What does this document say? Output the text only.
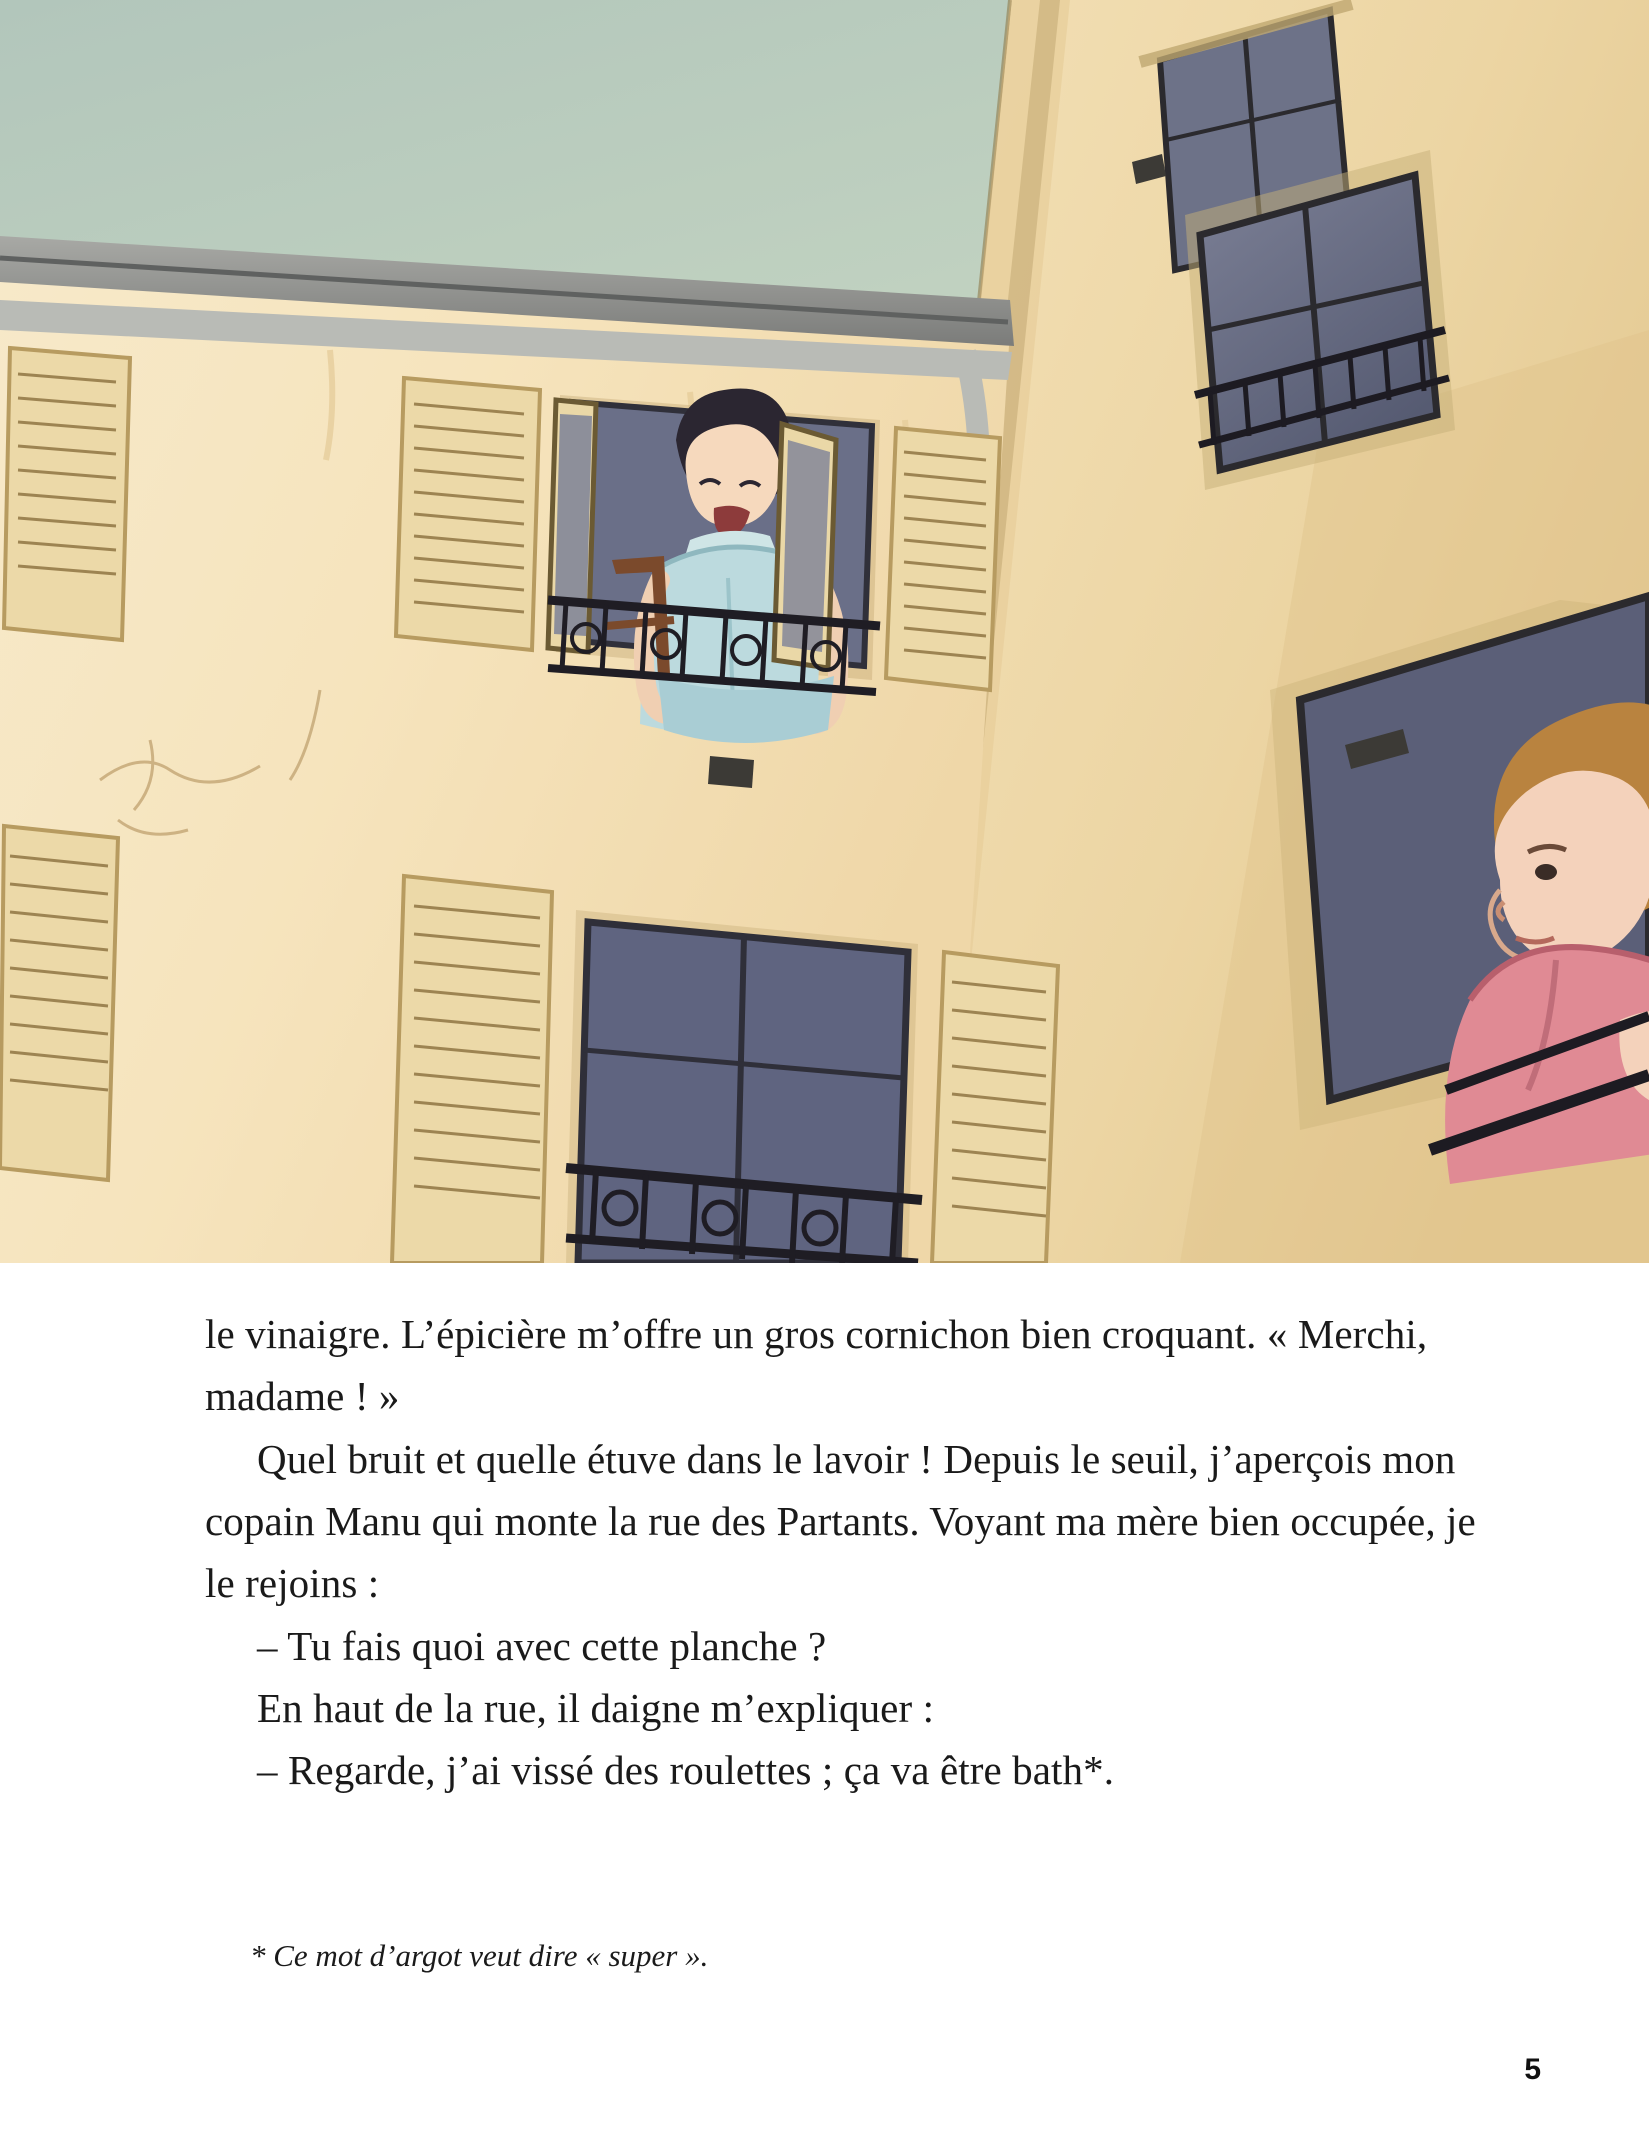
le vinaigre. L’épicière m’offre un gros cornichon bien croquant. « Merchi, madame ! »

Quel bruit et quelle étuve dans le lavoir ! Depuis le seuil, j’aperçois mon copain Manu qui monte la rue des Partants. Voyant ma mère bien occupée, je le rejoins :

– Tu fais quoi avec cette planche ?

En haut de la rue, il daigne m’expliquer :

– Regarde, j’ai vissé des roulettes ; ça va être bath*.

* Ce mot d’argot veut dire « super ».
5
